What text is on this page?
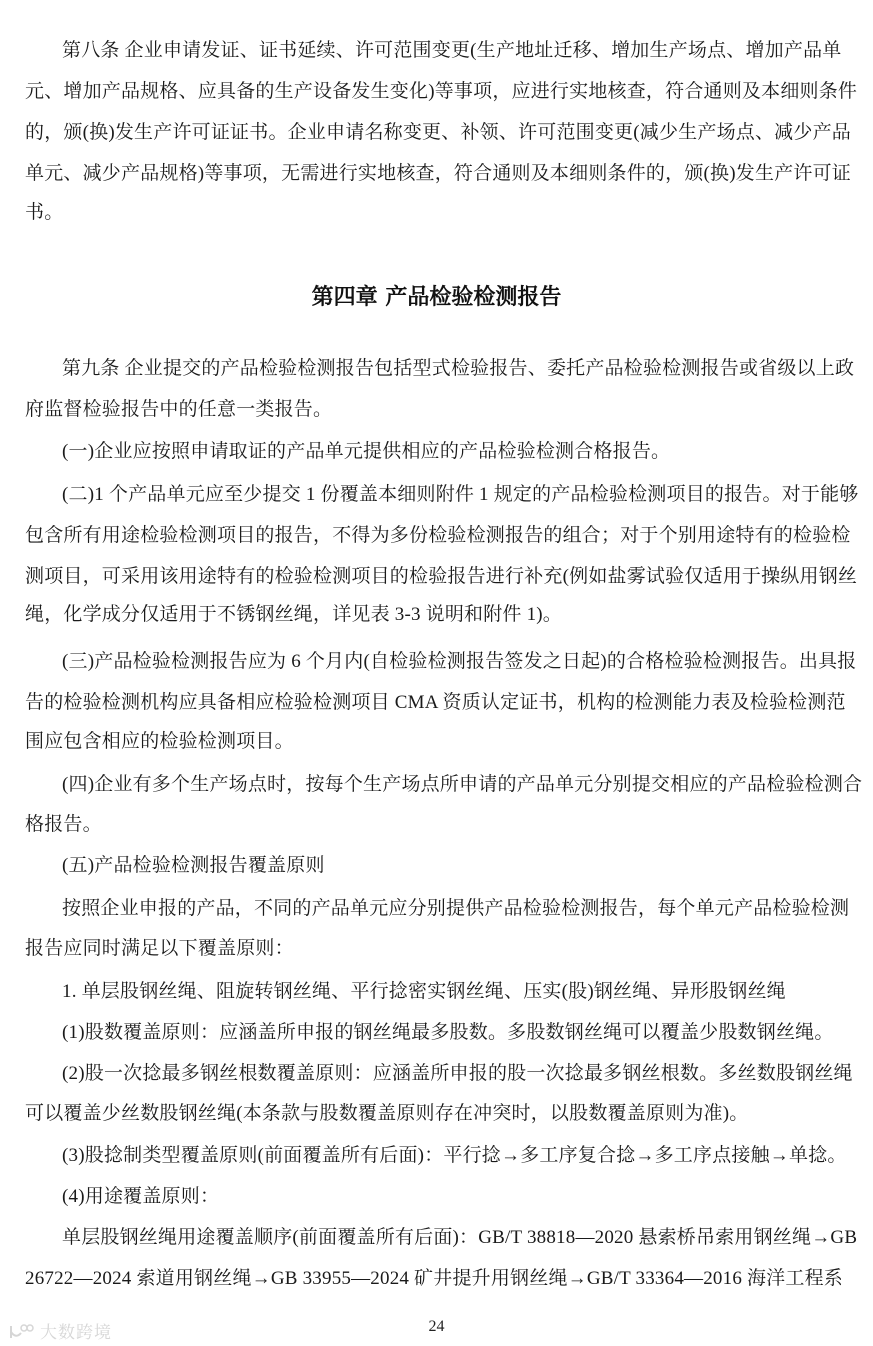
第八条 企业申请发证、证书延续、许可范围变更(生产地址迁移、增加生产场点、增加产品单
元、增加产品规格、应具备的生产设备发生变化)等事项，应进行实地核查，符合通则及本细则条件
的，颁(换)发生产许可证证书。企业申请名称变更、补领、许可范围变更(减少生产场点、减少产品
单元、减少产品规格)等事项，无需进行实地核查，符合通则及本细则条件的，颁(换)发生产许可证
书。
第四章 产品检验检测报告
第九条 企业提交的产品检验检测报告包括型式检验报告、委托产品检验检测报告或省级以上政
府监督检验报告中的任意一类报告。
(一)企业应按照申请取证的产品单元提供相应的产品检验检测合格报告。
(二)1 个产品单元应至少提交 1 份覆盖本细则附件 1 规定的产品检验检测项目的报告。对于能够
包含所有用途检验检测项目的报告，不得为多份检验检测报告的组合；对于个别用途特有的检验检
测项目，可采用该用途特有的检验检测项目的检验报告进行补充(例如盐雾试验仅适用于操纵用钢丝
绳，化学成分仅适用于不锈钢丝绳，详见表 3-3 说明和附件 1)。
(三)产品检验检测报告应为 6 个月内(自检验检测报告签发之日起)的合格检验检测报告。出具报
告的检验检测机构应具备相应检验检测项目 CMA 资质认定证书，机构的检测能力表及检验检测范
围应包含相应的检验检测项目。
(四)企业有多个生产场点时，按每个生产场点所申请的产品单元分别提交相应的产品检验检测合
格报告。
(五)产品检验检测报告覆盖原则
按照企业申报的产品，不同的产品单元应分别提供产品检验检测报告，每个单元产品检验检测
报告应同时满足以下覆盖原则：
1. 单层股钢丝绳、阻旋转钢丝绳、平行捻密实钢丝绳、压实(股)钢丝绳、异形股钢丝绳
(1)股数覆盖原则：应涵盖所申报的钢丝绳最多股数。多股数钢丝绳可以覆盖少股数钢丝绳。
(2)股一次捻最多钢丝根数覆盖原则：应涵盖所申报的股一次捻最多钢丝根数。多丝数股钢丝绳
可以覆盖少丝数股钢丝绳(本条款与股数覆盖原则存在冲突时，以股数覆盖原则为准)。
(3)股捻制类型覆盖原则(前面覆盖所有后面)：平行捻→多工序复合捻→多工序点接触→单捻。
(4)用途覆盖原则：
单层股钢丝绳用途覆盖顺序(前面覆盖所有后面)：GB/T 38818—2020 悬索桥吊索用钢丝绳→GB
26722—2024 索道用钢丝绳→GB 33955—2024 矿井提升用钢丝绳→GB/T 33364—2016 海洋工程系
大数跨境	24
